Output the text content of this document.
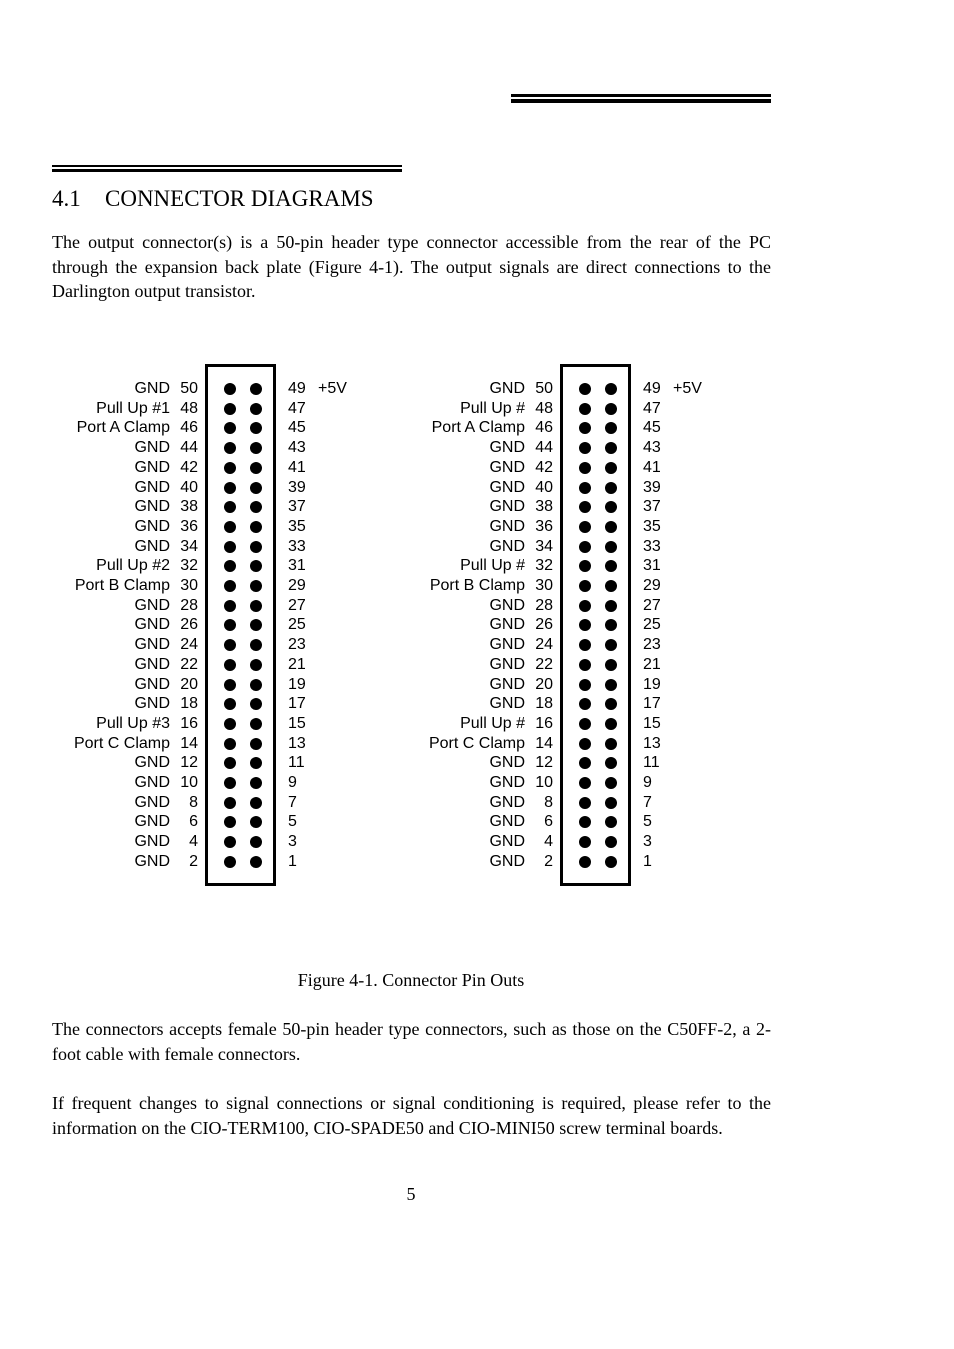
4.1 CONNECTOR DIAGRAMS

The output connector(s) is a 50-pin header type connector accessible from the rear of the PC through the expansion back plate (Figure 4-1). The output signals are direct connections to the Darlington output transistor.

GND 50
Pull Up #1 48
Port A Clamp 46
GND 44
GND 42
GND 40
GND 38
GND 36
GND 34
Pull Up #2 32
Port B Clamp 30
GND 28
GND 26
GND 24
GND 22
GND 20
GND 18
Pull Up #3 16
Port C Clamp 14
GND 12
GND 10
GND 8
GND 6
GND 4
GND 2
49
47
45
43
41
39
37
35
33
31
29
27
25
23
21
19
17
15
13
11
9
7
5
3
1
+5V	GND 50
Pull Up # 48
Port A Clamp 46
GND 44
GND 42
GND 40
GND 38
GND 36
GND 34
Pull Up # 32
Port B Clamp 30
GND 28
GND 26
GND 24
GND 22
GND 20
GND 18
Pull Up # 16
Port C Clamp 14
GND 12
GND 10
GND 8
GND 6
GND 4
GND 2
49
47
45
43
41
39
37
35
33
31
29
27
25
23
21
19
17
15
13
11
9
7
5
3
1
+5V
Figure 4-1. Connector Pin Outs

The connectors accepts female 50-pin header type connectors, such as those on the C50FF-2, a 2-foot cable with female connectors.

If frequent changes to signal connections or signal conditioning is required, please refer to the information on the CIO-TERM100, CIO-SPADE50 and CIO-MINI50 screw terminal boards.

5
